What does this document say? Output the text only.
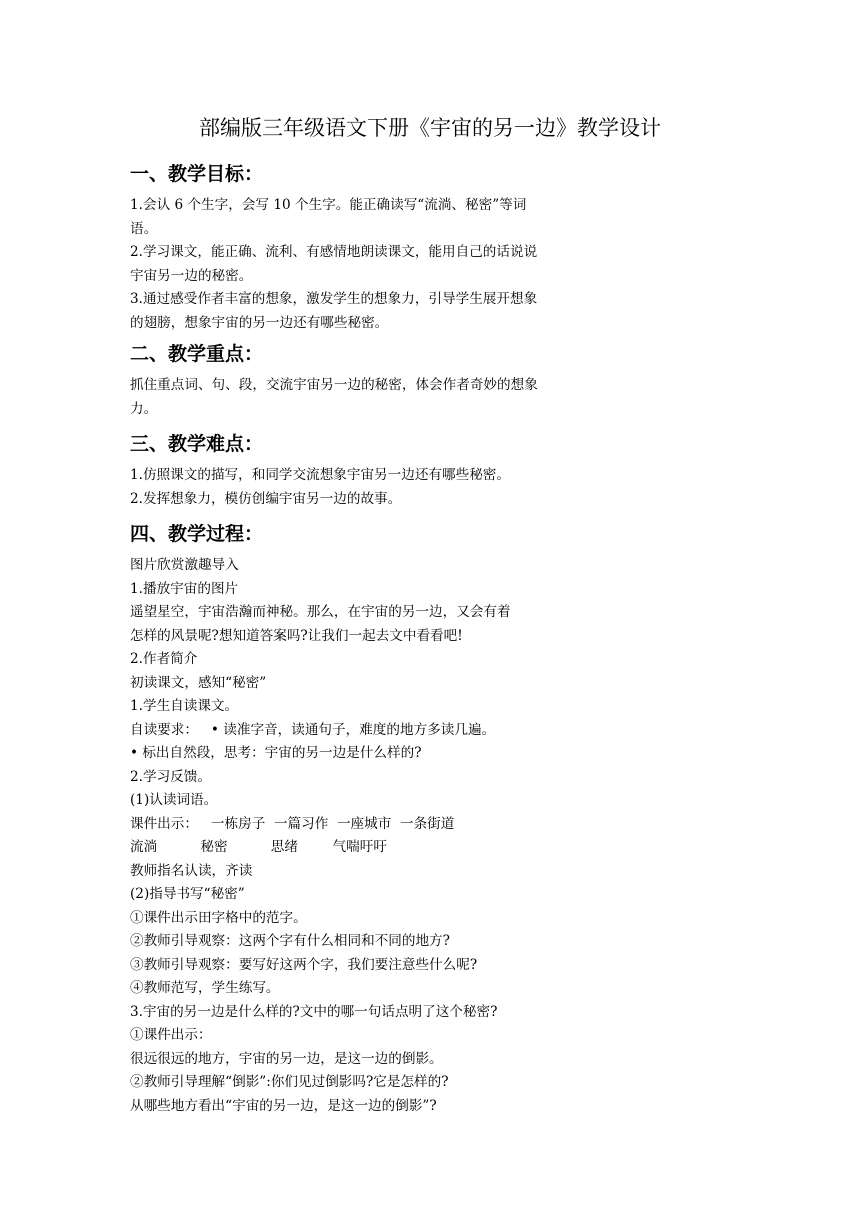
部编版三年级语文下册《宇宙的另一边》教学设计
一、教学目标：
1.会认 6 个生字，会写 10 个生字。能正确读写“流淌、秘密”等词
语。
2.学习课文，能正确、流利、有感情地朗读课文，能用自己的话说说
宇宙另一边的秘密。
3.通过感受作者丰富的想象，激发学生的想象力，引导学生展开想象
的翅膀，想象宇宙的另一边还有哪些秘密。
二、教学重点：
抓住重点词、句、段，交流宇宙另一边的秘密，体会作者奇妙的想象
力。
三、教学难点：
1.仿照课文的描写，和同学交流想象宇宙另一边还有哪些秘密。
2.发挥想象力，模仿创编宇宙另一边的故事。
四、教学过程：
图片欣赏激趣导入
1.播放宇宙的图片
遥望星空，宇宙浩瀚而神秘。那么，在宇宙的另一边，又会有着
怎样的风景呢?想知道答案吗?让我们一起去文中看看吧!
2.作者简介
初读课文，感知“秘密”
1.学生自读课文。
自读要求：   • 读准字音，读通句子，难度的地方多读几遍。
• 标出自然段，思考：宇宙的另一边是什么样的?
2.学习反馈。
(1)认读词语。
课件出示：   一栋房子  一篇习作  一座城市  一条街道
流淌          秘密          思绪        气喘吁吁
教师指名认读，齐读
(2)指导书写“秘密”
①课件出示田字格中的范字。
②教师引导观察：这两个字有什么相同和不同的地方?
③教师引导观察：要写好这两个字，我们要注意些什么呢?
④教师范写，学生练写。
3.宇宙的另一边是什么样的?文中的哪一句话点明了这个秘密?
①课件出示：
很远很远的地方，宇宙的另一边，是这一边的倒影。
②教师引导理解“倒影”:你们见过倒影吗?它是怎样的?
从哪些地方看出“宇宙的另一边，是这一边的倒影”?
